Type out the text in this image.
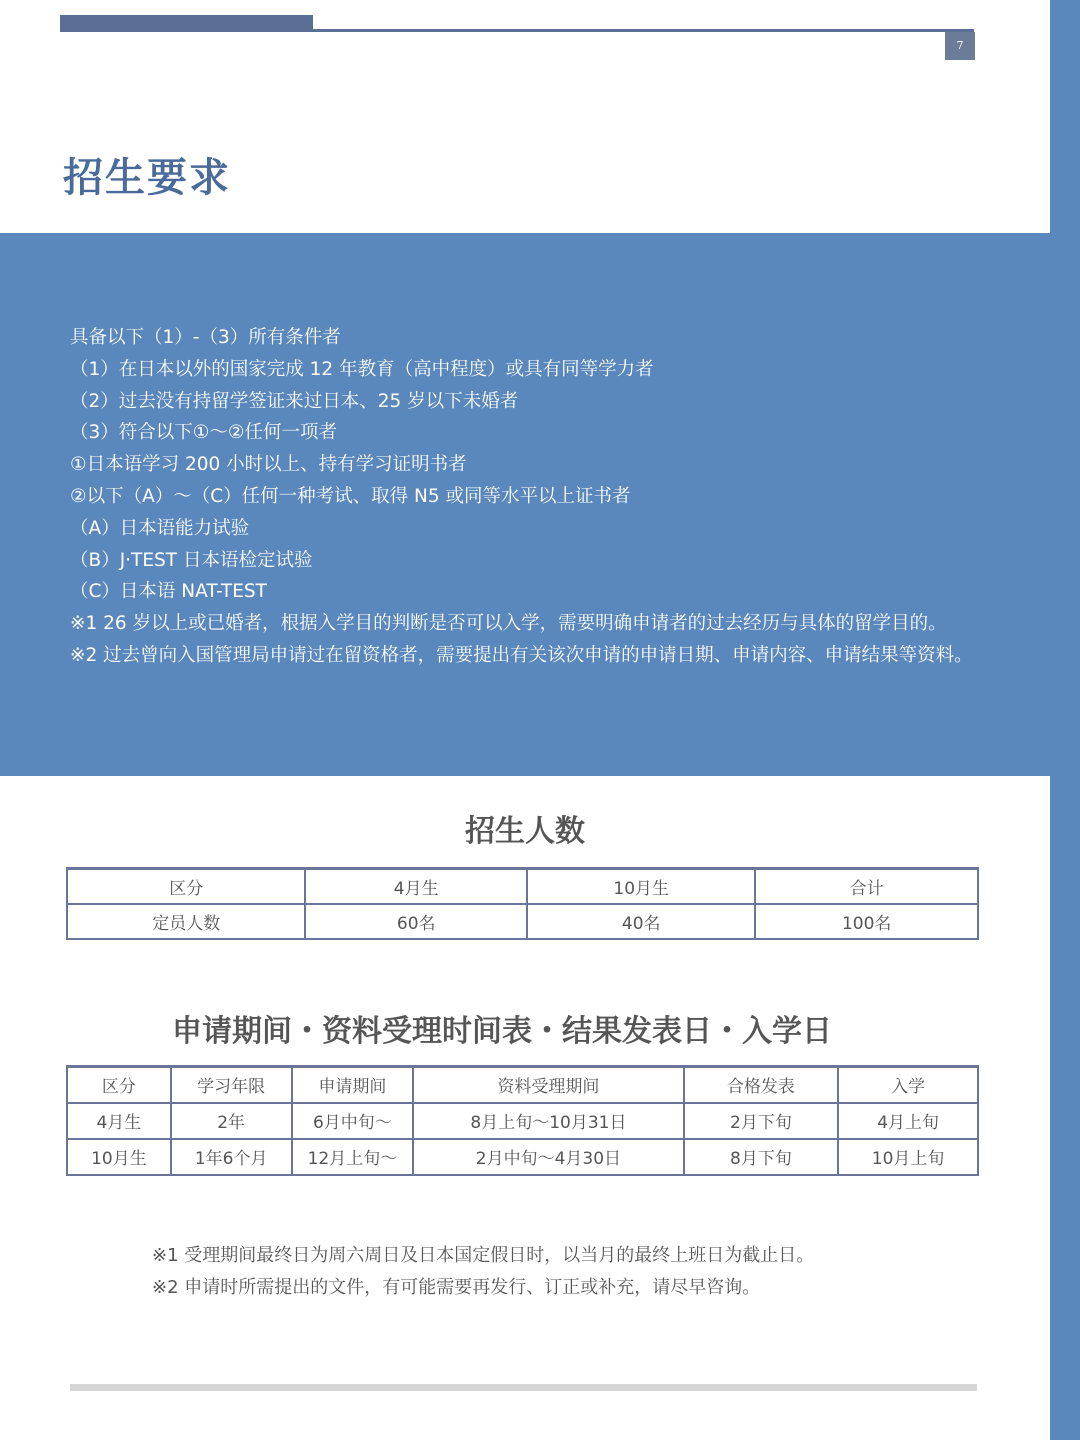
7
招生要求
具备以下（1）-（3）所有条件者
（1）在日本以外的国家完成 12 年教育（高中程度）或具有同等学力者
（2）过去没有持留学签证来过日本、25 岁以下未婚者
（3）符合以下①～②任何一项者
①日本语学习 200 小时以上、持有学习证明书者
②以下（A）～（C）任何一种考试、取得 N5 或同等水平以上证书者
（A）日本语能力试验
（B）J·TEST 日本语检定试验
（C）日本语 NAT-TEST
※1 26 岁以上或已婚者，根据入学目的判断是否可以入学，需要明确申请者的过去经历与具体的留学目的。
※2 过去曾向入国管理局申请过在留资格者，需要提出有关该次申请的申请日期、申请内容、申请结果等资料。
招生人数
区分	4月生	10月生	合计
定员人数	60名	40名	100名
申请期间・资料受理时间表・结果发表日・入学日
区分	学习年限	申请期间	资料受理期间	合格发表	入学
4月生	2年	6月中旬～	8月上旬～10月31日	2月下旬	4月上旬
10月生	1年6个月	12月上旬～	2月中旬～4月30日	8月下旬	10月上旬
※1 受理期间最终日为周六周日及日本国定假日时，以当月的最终上班日为截止日。
※2 申请时所需提出的文件，有可能需要再发行、订正或补充，请尽早咨询。
